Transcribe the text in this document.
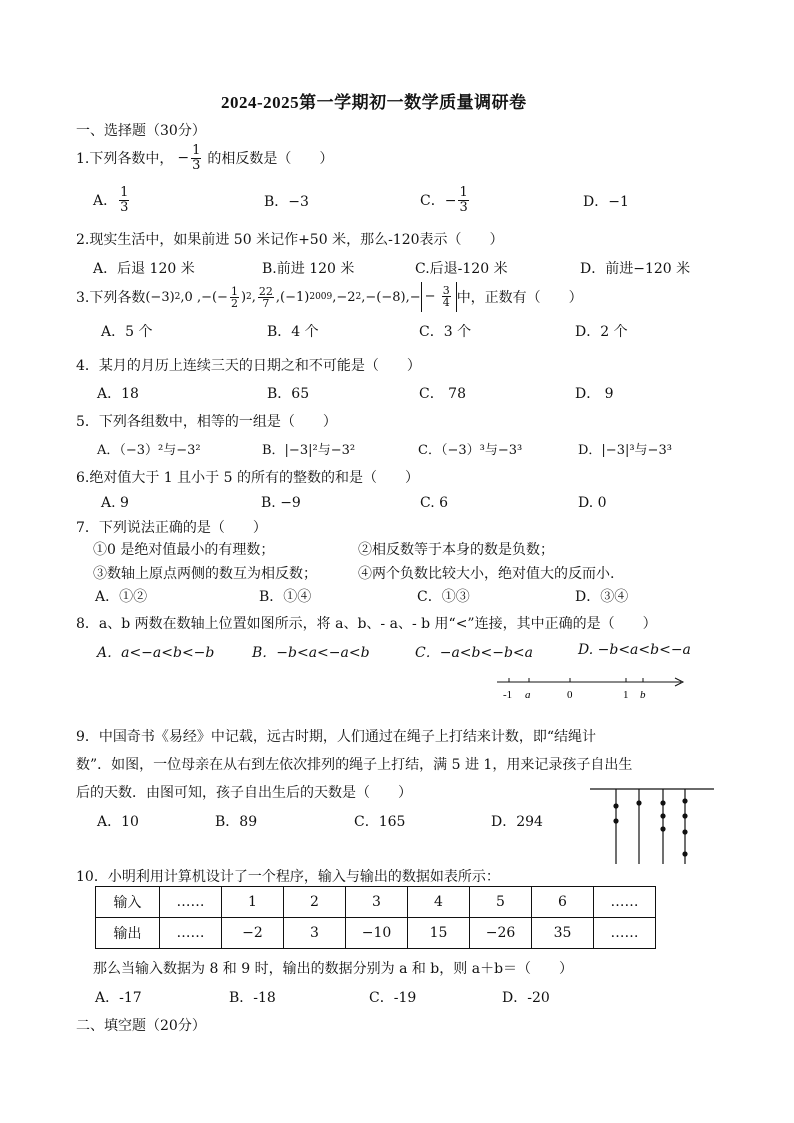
2024-2025第一学期初一数学质量调研卷
一、选择题（30分）
1.下列各数中， − $\frac{1}{3}$ 的相反数是（　　）
A． $\frac{1}{3}$	B．−3	C．− $\frac{1}{3}$	D．−1
2.现实生活中，如果前进 50 米记作+50 米，那么-120表示（　　）
A．后退 120 米	B.前进 120 米	C.后退-120 米	D．前进−120 米
3.下列各数 (−3) 2 ,0 ,−(− $\frac{1}{2}$ ) 2 , $\frac{22}{7} ,(-1)$ 2009 ,−2 2 $,-(-8),- - \frac{3}{4}$ 中，正数有（　　）
A．5 个	B．4 个	C．3 个	D．2 个
4．某月的月历上连续三天的日期之和不可能是（　　）
A．18	B．65	C． 78	D． 9
5．下列各组数中，相等的一组是（　　）
A．（−3）²与−3²	B．|−3|²与−3²	C．（−3）³与−3³	D．|−3|³与−3³
6.绝对值大于 1 且小于 5 的所有的整数的和是（　　）
A. 9	B. −9	C. 6	D. 0
7．下列说法正确的是（　　）
①0 是绝对值最小的有理数；	②相反数等于本身的数是负数；
③数轴上原点两侧的数互为相反数；	④两个负数比较大小，绝对值大的反而小.
A．①②	B．①④	C．①③	D．③④
8．a、b 两数在数轴上位置如图所示，将 a、b、- a、- b 用“<”连接，其中正确的是（　　）
A．a<−a<b<−b	B．−b<a<−a<b	C．−a<b<−b<a	D. −b<a<b<−a
-1 a	0	1 b
9．中国奇书《易经》中记载，远古时期，人们通过在绳子上打结来计数，即“结绳计
数”．如图，一位母亲在从右到左依次排列的绳子上打结，满 5 进 1，用来记录孩子自出生
后的天数．由图可知，孩子自出生后的天数是（　　）
A．10	B．89	C．165	D．294
10．小明利用计算机设计了一个程序，输入与输出的数据如表所示：
输入	……	1	2	3	4	5	6	……
输出	……	−2	3	−10	15	−26	35	……
那么当输入数据为 8 和 9 时，输出的数据分别为 a 和 b，则 a＋b＝（　　）
A．-17	B．-18	C．-19	D．-20
二、填空题（20分）
